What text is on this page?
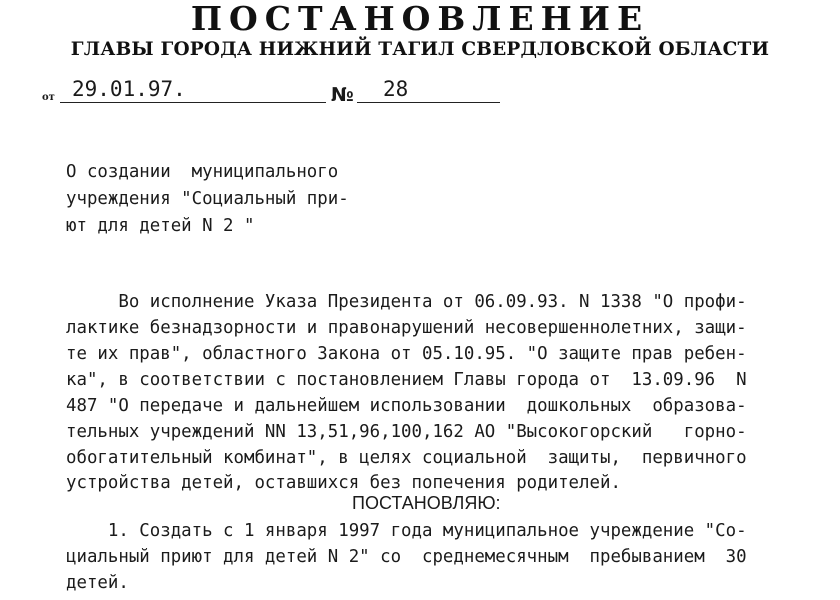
ПОСТАНОВЛЕНИЕ
ГЛАВЫ ГОРОДА НИЖНИЙ ТАГИЛ СВЕРДЛОВСКОЙ ОБЛАСТИ
от 29.01.97.	№ 28
О создании  муниципального
учреждения "Социальный при-
ют для детей N 2 "
Во исполнение Указа Президента от 06.09.93. N 1338 "О профи-
лактике безнадзорности и правонарушений несовершеннолетних, защи-
те их прав", областного Закона от 05.10.95. "О защите прав ребен-
ка", в соответствии с постановлением Главы города от  13.09.96  N
487 "О передаче и дальнейшем использовании  дошкольных  образова-
тельных учреждений NN 13,51,96,100,162 АО "Высокогорский   горно-
обогатительный комбинат", в целях социальной  защиты,  первичного
устройства детей, оставшихся без попечения родителей.
ПОСТАНОВЛЯЮ:
1. Создать с 1 января 1997 года муниципальное учреждение "Со-
циальный приют для детей N 2" со  среднемесячным  пребыванием  30
детей.
